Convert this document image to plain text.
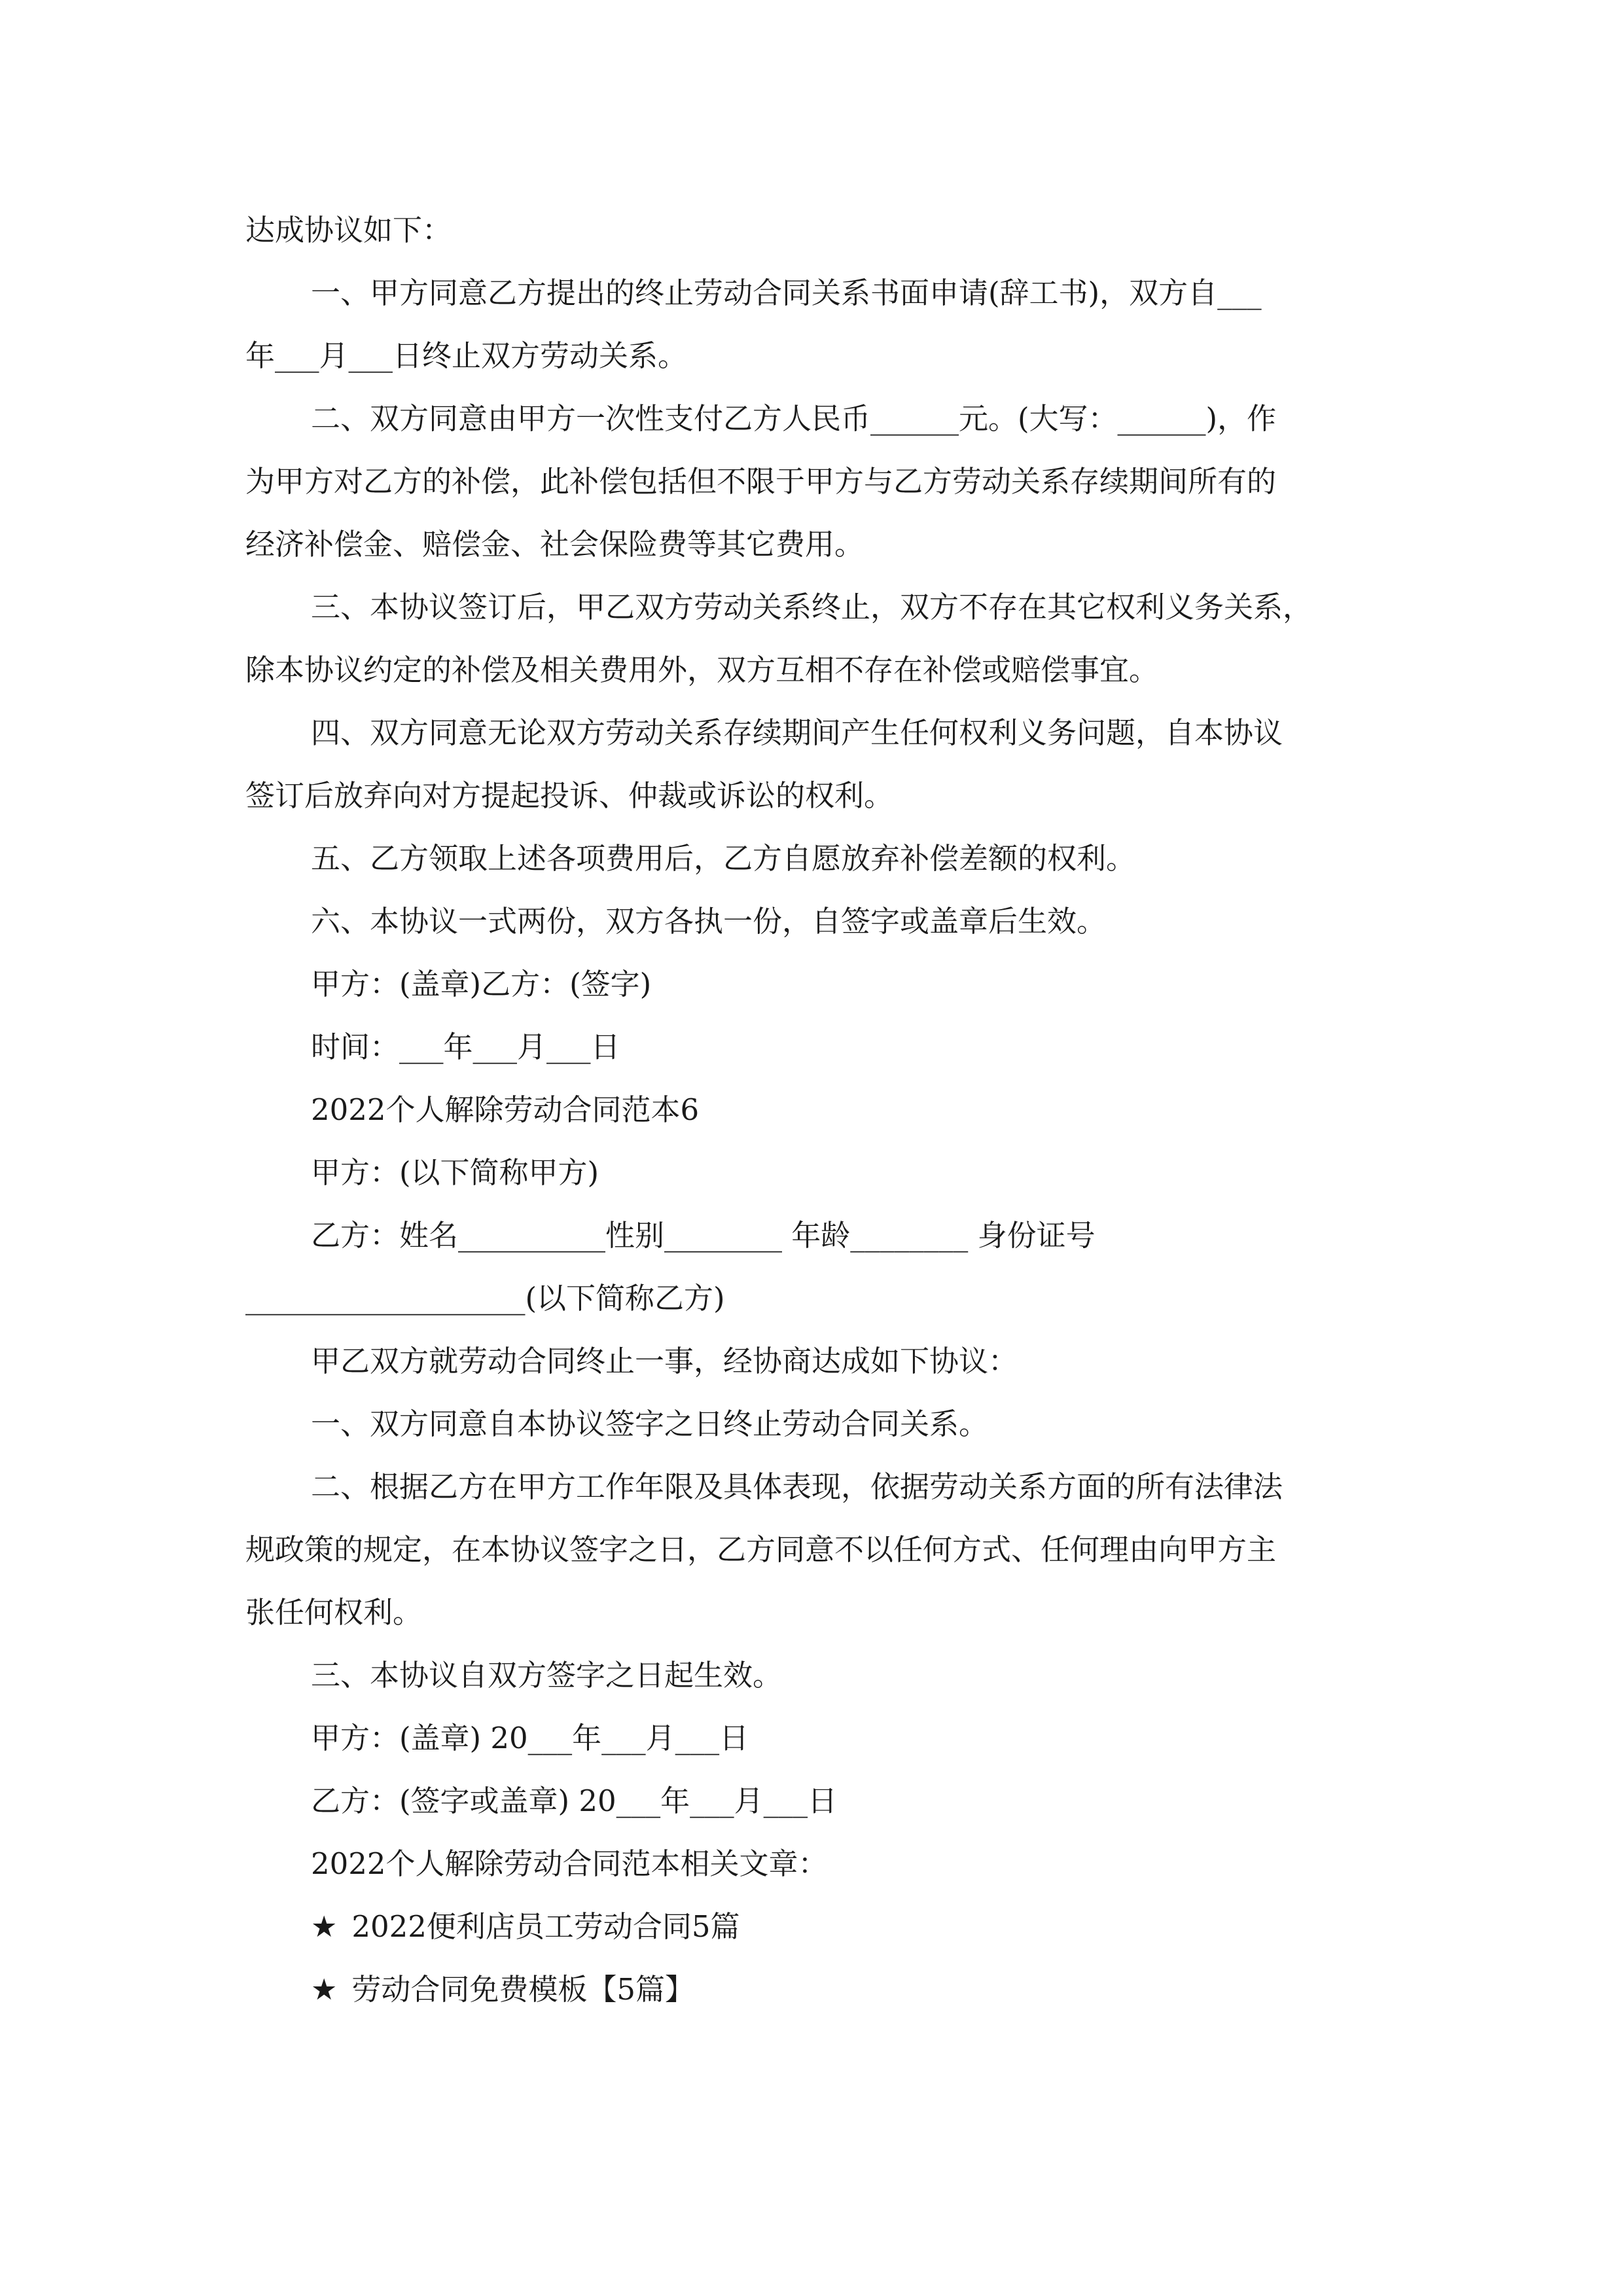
达成协议如下：
一、甲方同意乙方提出的终止劳动合同关系书面申请(辞工书)，双方自___
年___月___日终止双方劳动关系。
二、双方同意由甲方一次性支付乙方人民币______元。(大写：______)，作
为甲方对乙方的补偿，此补偿包括但不限于甲方与乙方劳动关系存续期间所有的
经济补偿金、赔偿金、社会保险费等其它费用。
三、本协议签订后，甲乙双方劳动关系终止，双方不存在其它权利义务关系，
除本协议约定的补偿及相关费用外，双方互相不存在补偿或赔偿事宜。
四、双方同意无论双方劳动关系存续期间产生任何权利义务问题，自本协议
签订后放弃向对方提起投诉、仲裁或诉讼的权利。
五、乙方领取上述各项费用后，乙方自愿放弃补偿差额的权利。
六、本协议一式两份，双方各执一份，自签字或盖章后生效。
甲方：(盖章)乙方：(签字)
时间：___年___月___日
2022个人解除劳动合同范本6
甲方：(以下简称甲方)
乙方：姓名__________性别________ 年龄________ 身份证号
___________________(以下简称乙方)
甲乙双方就劳动合同终止一事，经协商达成如下协议：
一、双方同意自本协议签字之日终止劳动合同关系。
二、根据乙方在甲方工作年限及具体表现，依据劳动关系方面的所有法律法
规政策的规定，在本协议签字之日，乙方同意不以任何方式、任何理由向甲方主
张任何权利。
三、本协议自双方签字之日起生效。
甲方：(盖章) 20___年___月___日
乙方：(签字或盖章) 20___年___月___日
2022个人解除劳动合同范本相关文章：
★ 2022便利店员工劳动合同5篇
★ 劳动合同免费模板【5篇】
